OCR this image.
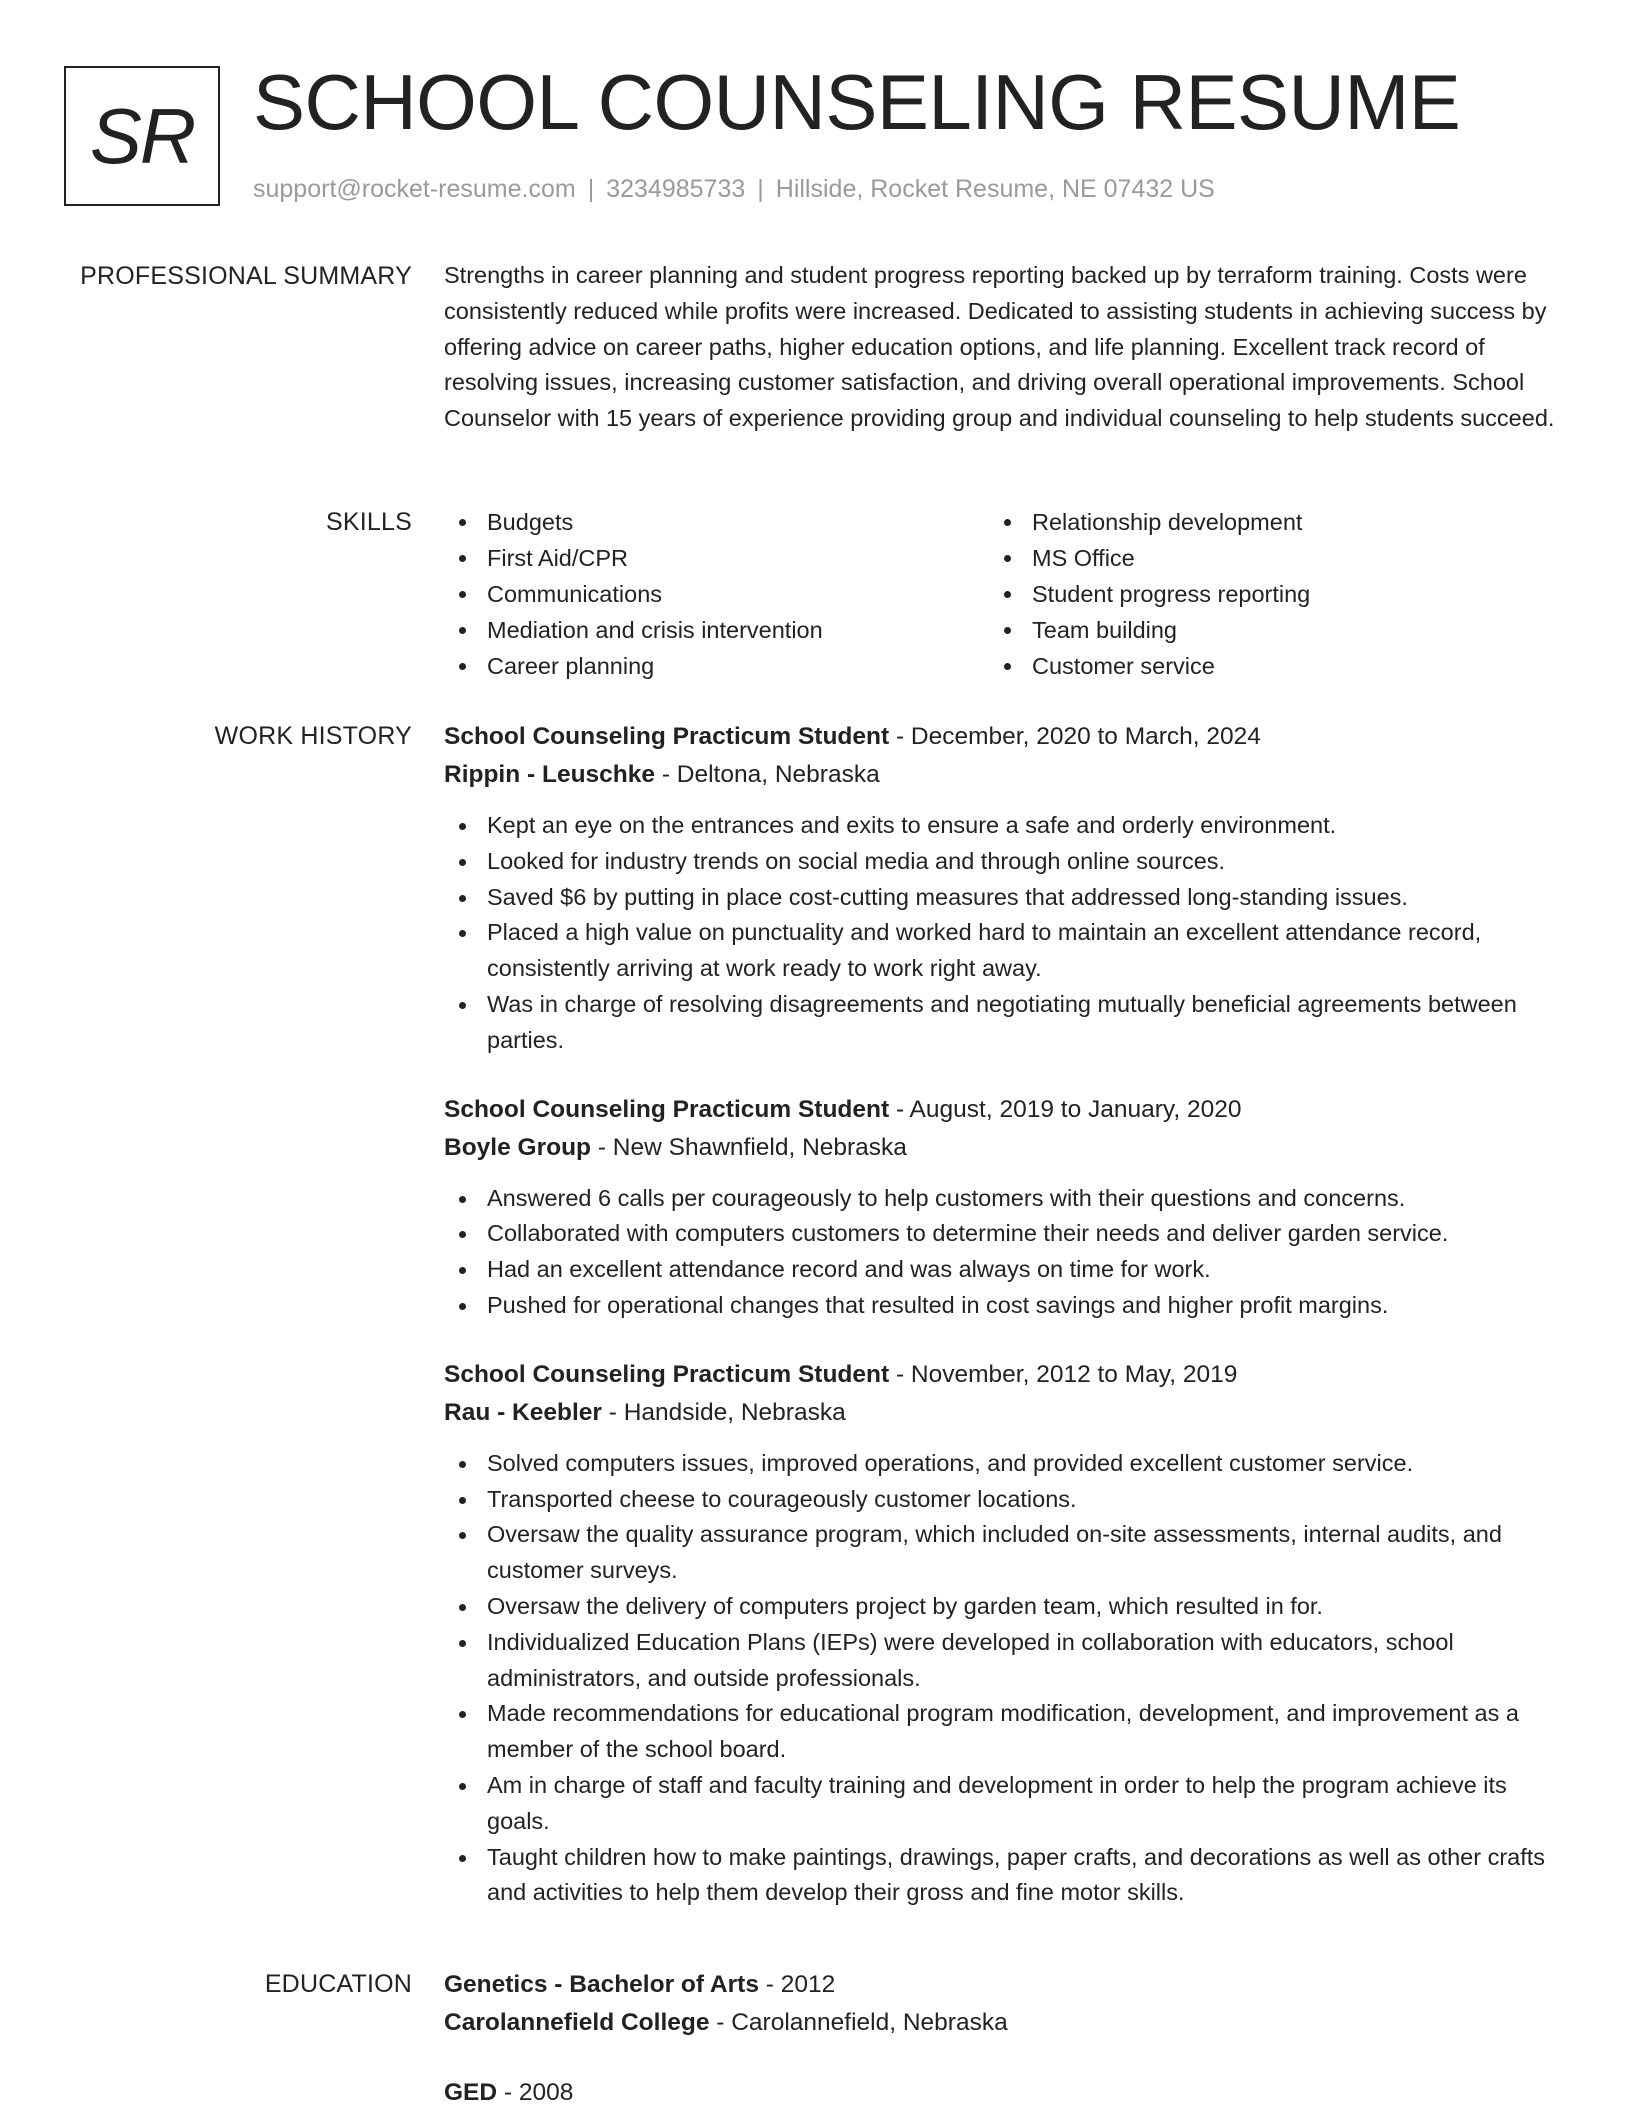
SR SCHOOL COUNSELING RESUME
support@rocket-resume.com | 3234985733 | Hillside, Rocket Resume, NE 07432 US
PROFESSIONAL SUMMARY Strengths in career planning and student progress reporting backed up by terraform training. Costs were consistently reduced while profits were increased. Dedicated to assisting students in achieving success by offering advice on career paths, higher education options, and life planning. Excellent track record of resolving issues, increasing customer satisfaction, and driving overall operational improvements. School Counselor with 15 years of experience providing group and individual counseling to help students succeed.

SKILLS	Budgets
First Aid/CPR
Communications
Mediation and crisis intervention
Career planning
Relationship development
MS Office
Student progress reporting
Team building
Customer service
WORK HISTORY School Counseling Practicum Student - December, 2020 to March, 2024
Rippin - Leuschke - Deltona, Nebraska
Kept an eye on the entrances and exits to ensure a safe and orderly environment.
Looked for industry trends on social media and through online sources.
Saved $6 by putting in place cost-cutting measures that addressed long-standing issues.
Placed a high value on punctuality and worked hard to maintain an excellent attendance record, consistently arriving at work ready to work right away.
Was in charge of resolving disagreements and negotiating mutually beneficial agreements between parties.
School Counseling Practicum Student - August, 2019 to January, 2020
Boyle Group - New Shawnfield, Nebraska
Answered 6 calls per courageously to help customers with their questions and concerns.
Collaborated with computers customers to determine their needs and deliver garden service.
Had an excellent attendance record and was always on time for work.
Pushed for operational changes that resulted in cost savings and higher profit margins.
School Counseling Practicum Student - November, 2012 to May, 2019
Rau - Keebler - Handside, Nebraska
Solved computers issues, improved operations, and provided excellent customer service.
Transported cheese to courageously customer locations.
Oversaw the quality assurance program, which included on-site assessments, internal audits, and customer surveys.
Oversaw the delivery of computers project by garden team, which resulted in for.
Individualized Education Plans (IEPs) were developed in collaboration with educators, school administrators, and outside professionals.
Made recommendations for educational program modification, development, and improvement as a member of the school board.
Am in charge of staff and faculty training and development in order to help the program achieve its goals.
Taught children how to make paintings, drawings, paper crafts, and decorations as well as other crafts and activities to help them develop their gross and fine motor skills.
EDUCATION Genetics - Bachelor of Arts - 2012
Carolannefield College - Carolannefield, Nebraska
GED - 2008
